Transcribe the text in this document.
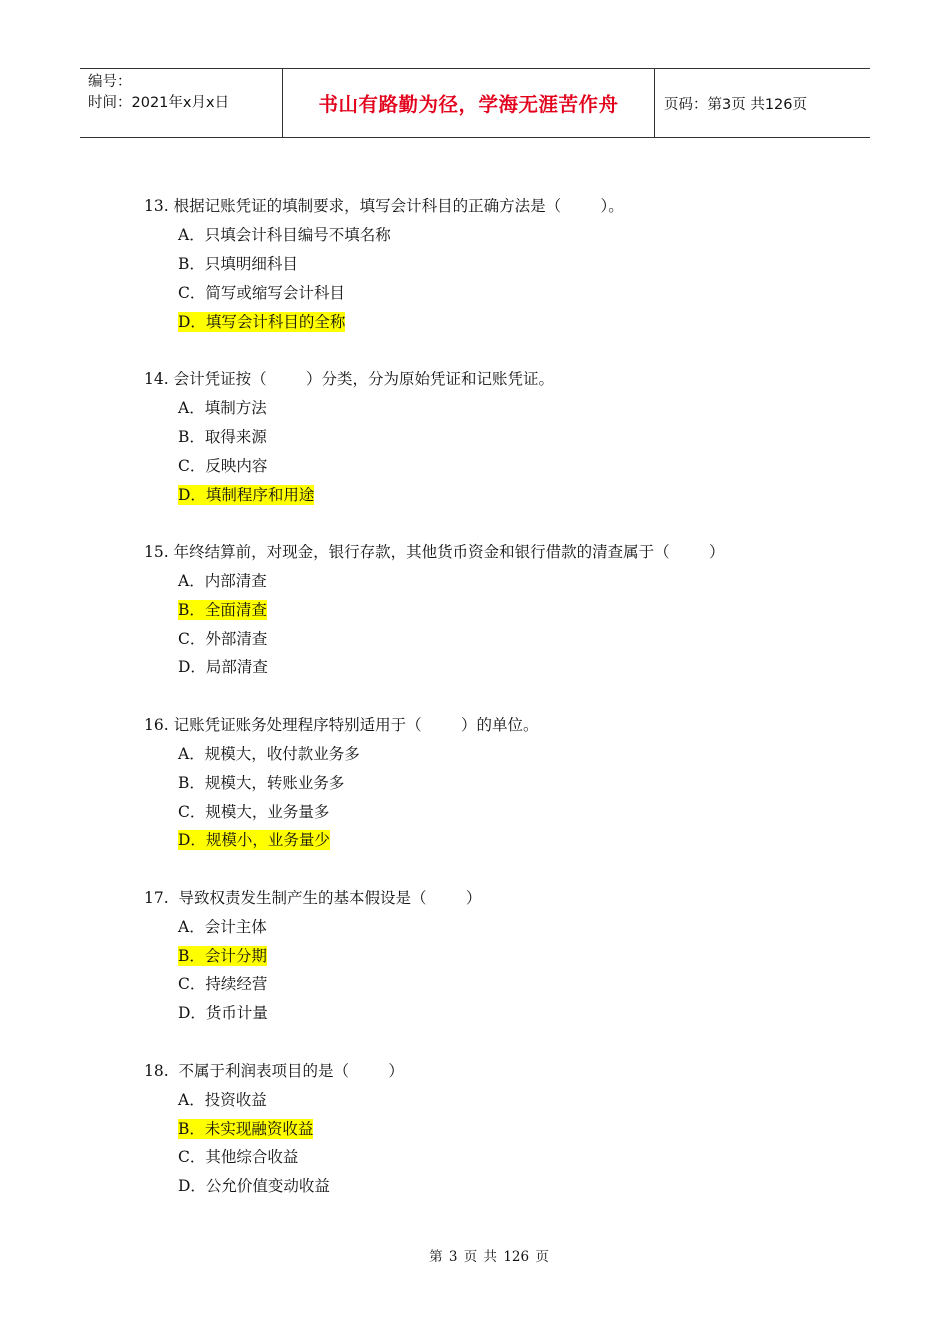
编号：
时间：2021年x月x日	书山有路勤为径，学海无涯苦作舟	页码：第3页 共126页
13. 根据记账凭证的填制要求，填写会计科目的正确方法是（        ）。
A．只填会计科目编号不填名称
B．只填明细科目
C．简写或缩写会计科目
D．填写会计科目的全称
14. 会计凭证按（        ）分类，分为原始凭证和记账凭证。
A．填制方法
B．取得来源
C．反映内容
D．填制程序和用途
15. 年终结算前，对现金，银行存款，其他货币资金和银行借款的清查属于（        ）
A．内部清查
B．全面清查
C．外部清查
D．局部清查
16. 记账凭证账务处理程序特别适用于（        ）的单位。
A．规模大，收付款业务多
B．规模大，转账业务多
C．规模大，业务量多
D．规模小，业务量少
17.  导致权责发生制产生的基本假设是（        ）
A．会计主体
B．会计分期
C．持续经营
D．货币计量
18.  不属于利润表项目的是（        ）
A．投资收益
B．未实现融资收益
C．其他综合收益
D．公允价值变动收益
第 3 页 共 126 页
